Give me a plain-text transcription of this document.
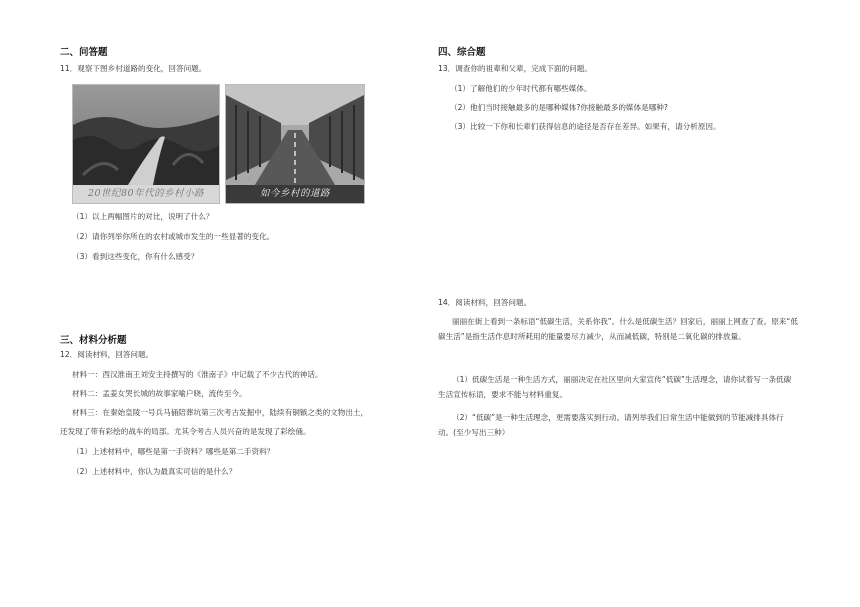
二、问答题
11．观察下图乡村道路的变化，回答问题。
20世纪80年代的乡村小路	如今乡村的道路
（1）以上两幅图片的对比，说明了什么？
（2）请你列举你所在的农村或城市发生的一些显著的变化。
（3）看到这些变化，你有什么感受？
三、材料分析题
12．阅读材料，回答问题。
材料一：西汉淮南王刘安主持撰写的《淮南子》中记载了不少古代的神话。
材料二：孟姜女哭长城的故事家喻户晓，流传至今。
材料三：在秦始皇陵一号兵马俑陪葬坑第三次考古发掘中，陆续有铜镞之类的文物出土，
还发现了带有彩绘的战车的局部。尤其令考古人员兴奋的是发现了彩绘俑。
（1）上述材料中，哪些是第一手资料？哪些是第二手资料？
（2）上述材料中，你认为最真实可信的是什么？
四、综合题
13．调查你的祖辈和父辈，完成下面的问题。
（1）了解他们的少年时代都有哪些媒体。
（2）他们当时接触最多的是哪种媒体?你接触最多的媒体是哪种?
（3）比较一下你和长辈们获得信息的途径是否存在差异。如果有，请分析原因。
14．阅读材料，回答问题。
丽丽在街上看到一条标语“低碳生活，关系你我”。什么是低碳生活？回家后，丽丽上网查了查。原来“低碳生活”是指生活作息时所耗用的能量要尽力减少，从而减低碳，特别是二氧化碳的排放量。
（1）低碳生活是一种生活方式，丽丽决定在社区里向大家宣传“低碳”生活理念，请你试着写一条低碳生活宣传标语，要求不能与材料重复。
（2）“低碳”是一种生活理念，更需要落实到行动。请列举我们日常生活中能做到的节能减排具体行动。(至少写出三种）
